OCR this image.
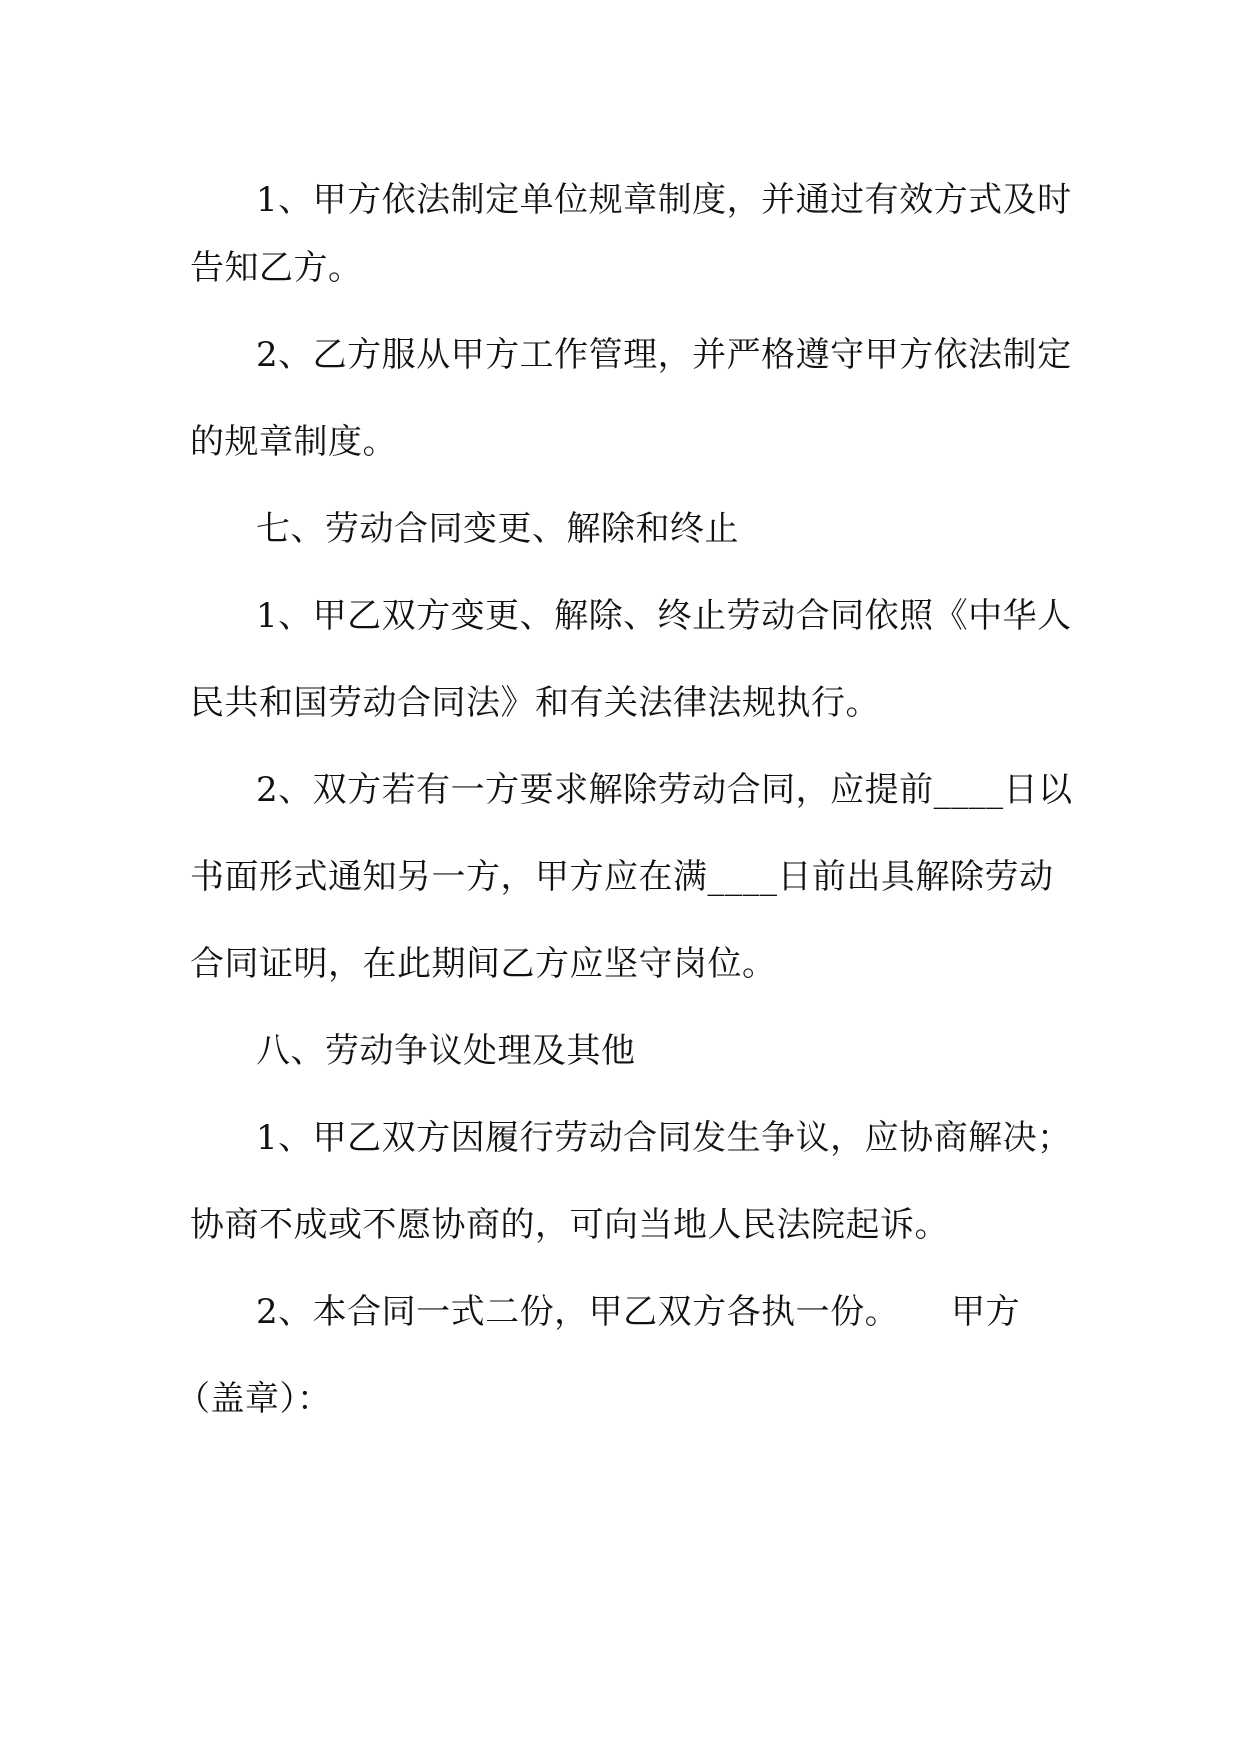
1、甲方依法制定单位规章制度，并通过有效方式及时
告知乙方。
2、乙方服从甲方工作管理，并严格遵守甲方依法制定
的规章制度。
七、劳动合同变更、解除和终止
1、甲乙双方变更、解除、终止劳动合同依照《中华人
民共和国劳动合同法》和有关法律法规执行。
2、双方若有一方要求解除劳动合同，应提前____日以
书面形式通知另一方，甲方应在满____日前出具解除劳动
合同证明，在此期间乙方应坚守岗位。
八、劳动争议处理及其他
1、甲乙双方因履行劳动合同发生争议，应协商解决；
协商不成或不愿协商的，可向当地人民法院起诉。
2、本合同一式二份，甲乙双方各执一份。　　甲方
（盖章）：
